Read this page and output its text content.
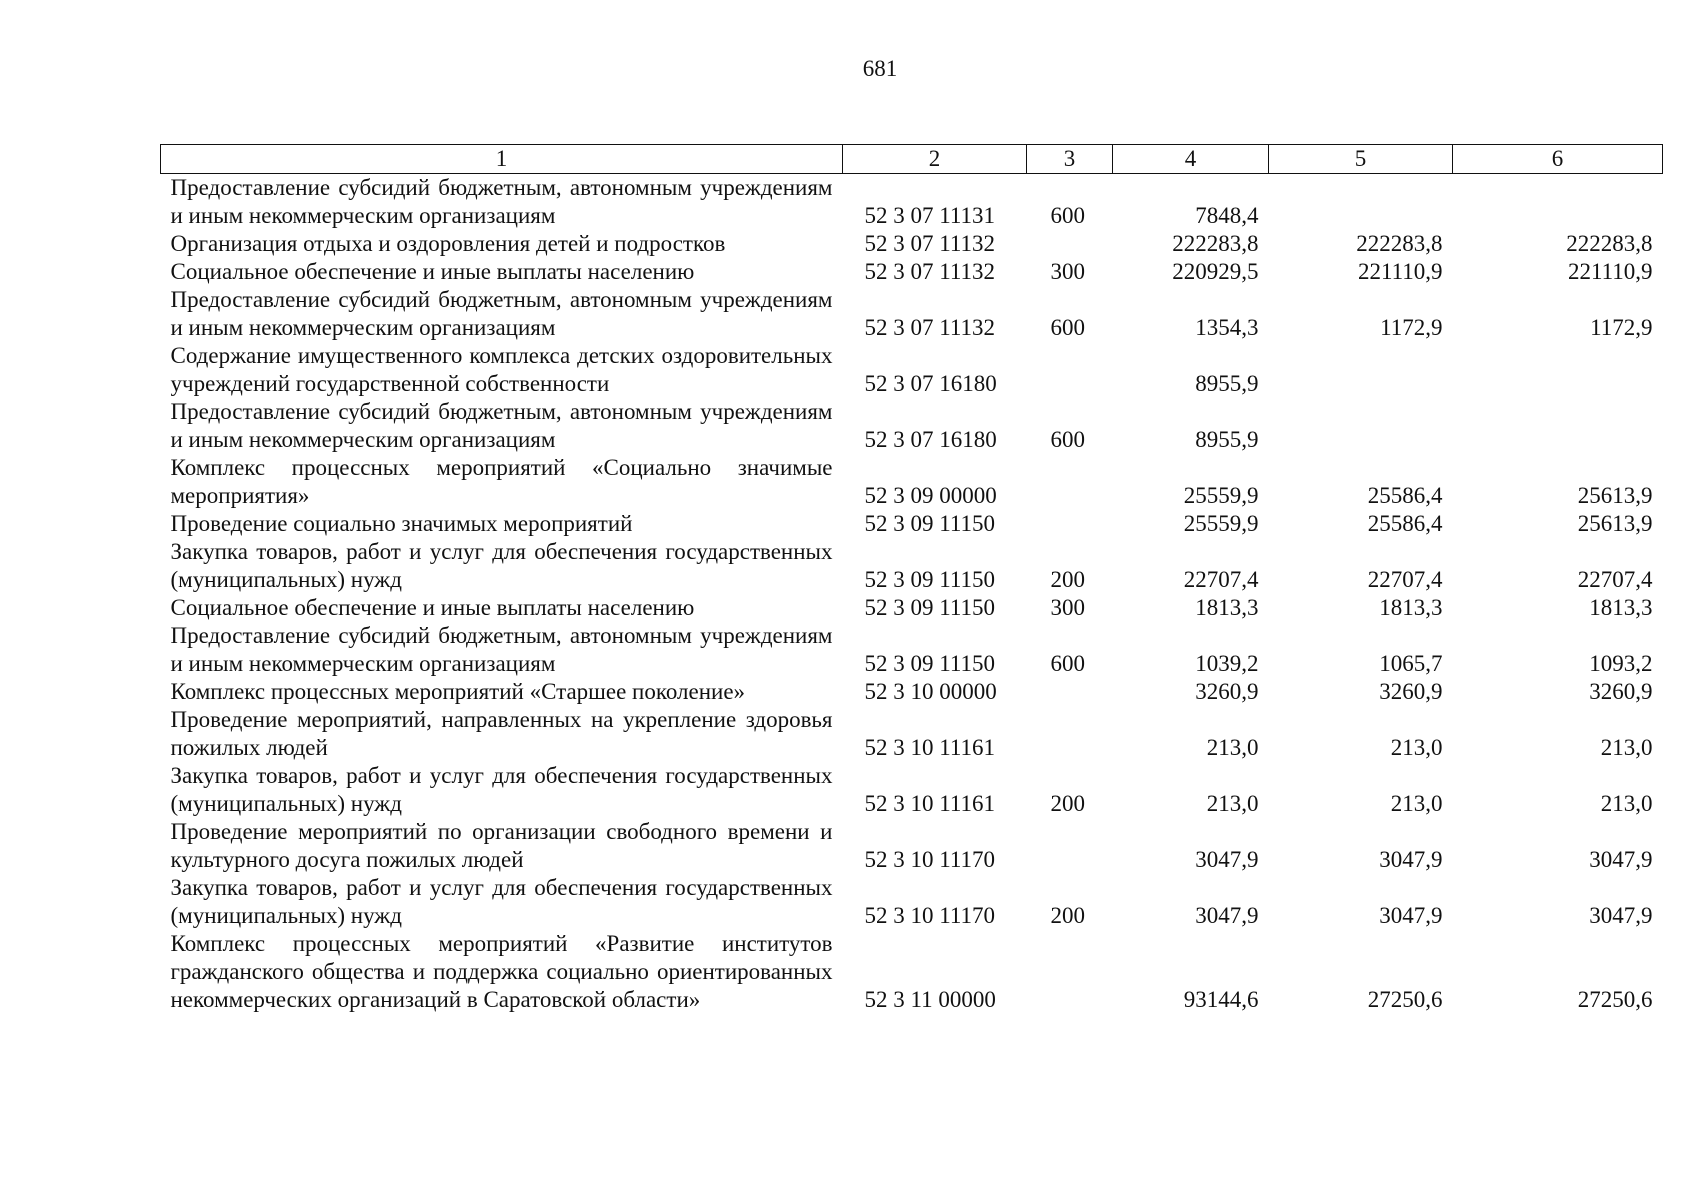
681
1	2	3	4	5	6
Предоставление субсидий бюджетным, автономным учреждениям и иным некоммерческим организациям	52 3 07 11131	600	7848,4		
Организация отдыха и оздоровления детей и подростков	52 3 07 11132		222283,8	222283,8	222283,8
Социальное обеспечение и иные выплаты населению	52 3 07 11132	300	220929,5	221110,9	221110,9
Предоставление субсидий бюджетным, автономным учреждениям и иным некоммерческим организациям	52 3 07 11132	600	1354,3	1172,9	1172,9
Содержание имущественного комплекса детских оздоровительных учреждений государственной собственности	52 3 07 16180		8955,9		
Предоставление субсидий бюджетным, автономным учреждениям и иным некоммерческим организациям	52 3 07 16180	600	8955,9		
Комплекс процессных мероприятий «Социально значимые мероприятия»	52 3 09 00000		25559,9	25586,4	25613,9
Проведение социально значимых мероприятий	52 3 09 11150		25559,9	25586,4	25613,9
Закупка товаров, работ и услуг для обеспечения государственных (муниципальных) нужд	52 3 09 11150	200	22707,4	22707,4	22707,4
Социальное обеспечение и иные выплаты населению	52 3 09 11150	300	1813,3	1813,3	1813,3
Предоставление субсидий бюджетным, автономным учреждениям и иным некоммерческим организациям	52 3 09 11150	600	1039,2	1065,7	1093,2
Комплекс процессных мероприятий «Старшее поколение»	52 3 10 00000		3260,9	3260,9	3260,9
Проведение мероприятий, направленных на укрепление здоровья пожилых людей	52 3 10 11161		213,0	213,0	213,0
Закупка товаров, работ и услуг для обеспечения государственных (муниципальных) нужд	52 3 10 11161	200	213,0	213,0	213,0
Проведение мероприятий по организации свободного времени и культурного досуга пожилых людей	52 3 10 11170		3047,9	3047,9	3047,9
Закупка товаров, работ и услуг для обеспечения государственных (муниципальных) нужд	52 3 10 11170	200	3047,9	3047,9	3047,9
Комплекс процессных мероприятий «Развитие институтов гражданского общества и поддержка социально ориентированных некоммерческих организаций в Саратовской области»	52 3 11 00000		93144,6	27250,6	27250,6
